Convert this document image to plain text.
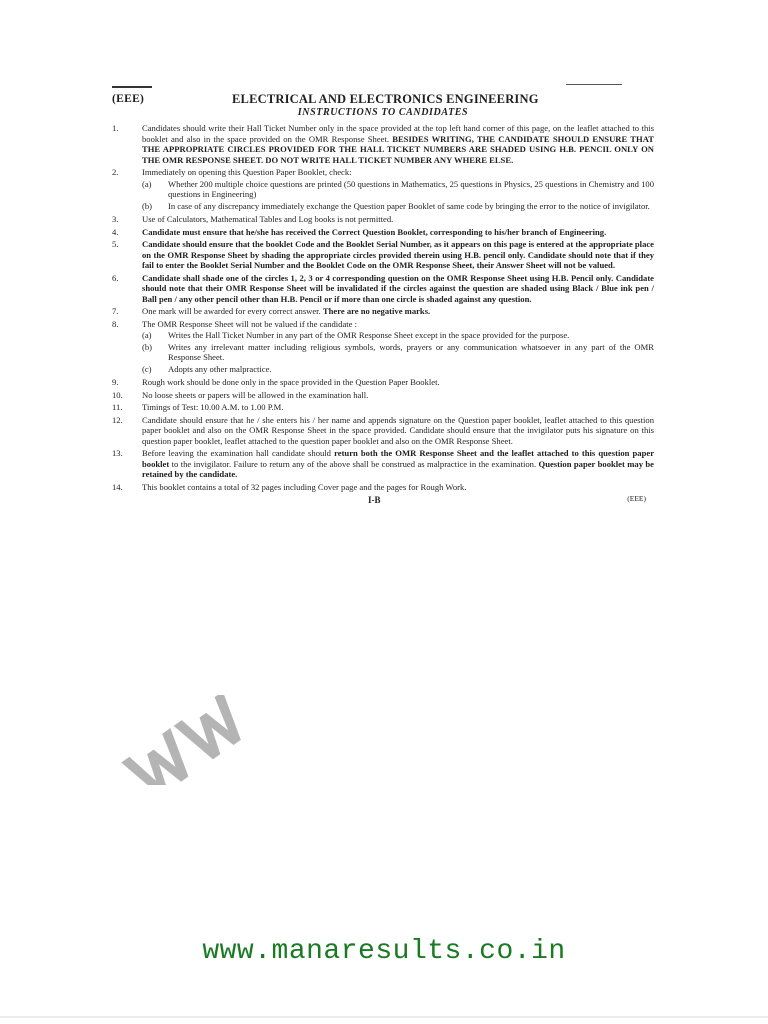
(EEE)	ELECTRICAL AND ELECTRONICS ENGINEERING
INSTRUCTIONS TO CANDIDATES
1.	Candidates should write their Hall Ticket Number only in the space provided at the top left hand corner of this page, on the leaflet attached to this booklet and also in the space provided on the OMR Response Sheet. BESIDES WRITING, THE CANDIDATE SHOULD ENSURE THAT THE APPROPRIATE CIRCLES PROVIDED FOR THE HALL TICKET NUMBERS ARE SHADED USING H.B. PENCIL ONLY ON THE OMR RESPONSE SHEET. DO NOT WRITE HALL TICKET NUMBER ANY WHERE ELSE.
2.	Immediately on opening this Question Paper Booklet, check:
(a)	Whether 200 multiple choice questions are printed (50 questions in Mathematics, 25 questions in Physics, 25 questions in Chemistry and 100 questions in Engineering)
(b)	In case of any discrepancy immediately exchange the Question paper Booklet of same code by bringing the error to the notice of invigilator.
3.	Use of Calculators, Mathematical Tables and Log books is not permitted.
4.	Candidate must ensure that he/she has received the Correct Question Booklet, corresponding to his/her branch of Engineering.
5.	Candidate should ensure that the booklet Code and the Booklet Serial Number, as it appears on this page is entered at the appropriate place on the OMR Response Sheet by shading the appropriate circles provided therein using H.B. pencil only. Candidate should note that if they fail to enter the Booklet Serial Number and the Booklet Code on the OMR Response Sheet, their Answer Sheet will not be valued.
6.	Candidate shall shade one of the circles 1, 2, 3 or 4 corresponding question on the OMR Response Sheet using H.B. Pencil only. Candidate should note that their OMR Response Sheet will be invalidated if the circles against the question are shaded using Black / Blue ink pen / Ball pen / any other pencil other than H.B. Pencil or if more than one circle is shaded against any question.
7.	One mark will be awarded for every correct answer. There are no negative marks.
8.	The OMR Response Sheet will not be valued if the candidate :
(a)	Writes the Hall Ticket Number in any part of the OMR Response Sheet except in the space provided for the purpose.
(b)	Writes any irrelevant matter including religious symbols, words, prayers or any communication whatsoever in any part of the OMR Response Sheet.
(c)	Adopts any other malpractice.
9.	Rough work should be done only in the space provided in the Question Paper Booklet.
10.	No loose sheets or papers will be allowed in the examination hall.
11.	Timings of Test: 10.00 A.M. to 1.00 P.M.
12.	Candidate should ensure that he / she enters his / her name and appends signature on the Question paper booklet, leaflet attached to this question paper booklet and also on the OMR Response Sheet in the space provided. Candidate should ensure that the invigilator puts his signature on this question paper booklet, leaflet attached to the question paper booklet and also on the OMR Response Sheet.
13.	Before leaving the examination hall candidate should return both the OMR Response Sheet and the leaflet attached to this question paper booklet to the invigilator. Failure to return any of the above shall be construed as malpractice in the examination. Question paper booklet may be retained by the candidate.
14.	This booklet contains a total of 32 pages including Cover page and the pages for Rough Work.
I-B	(EEE)
www.manaresults.co.in
